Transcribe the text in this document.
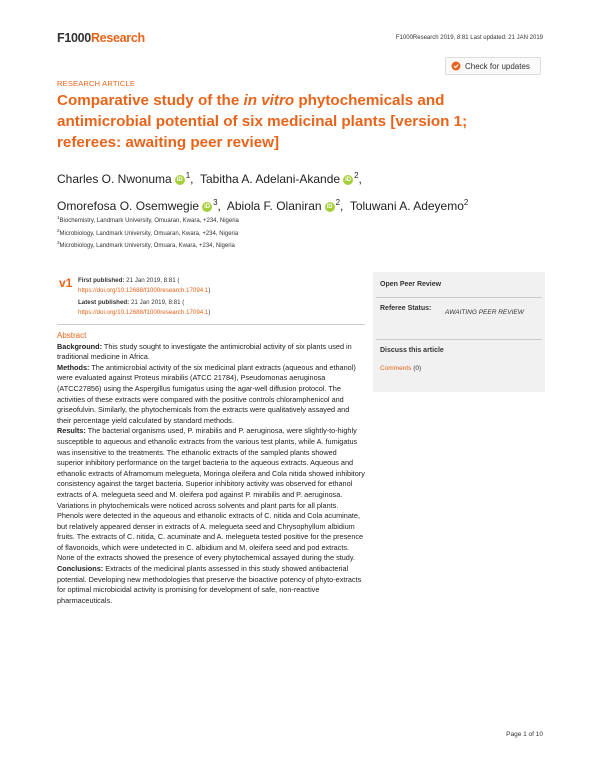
F1000Research	F1000Research 2019, 8:81 Last updated: 21 JAN 2019
Check for updates
RESEARCH ARTICLE
Comparative study of the in vitro phytochemicals and antimicrobial potential of six medicinal plants [version 1; referees: awaiting peer review]
Charles O. Nwonuma iD $^1$,  Tabitha A. Adelani-Akande iD $^2$,
Omorefosa O. Osemwegie iD $^3$,  Abiola F. Olaniran iD $^2$,  Toluwani A. Adeyemo$^2$
$^1$Biochemistry, Landmark University, Omuaran, Kwara, +234, Nigeria
$^2$Microbiology, Landmark University, Omuaran, Kwara, +234, Nigeria
$^3$Microbiology, Landmark University, Omuara, Kwara, +234, Nigeria
v1 First published: 21 Jan 2019, 8:81 (
https://doi.org/10.12688/f1000research.17094.1)
Latest published: 21 Jan 2019, 8:81 (
https://doi.org/10.12688/f1000research.17094.1)
Abstract

Background: This study sought to investigate the antimicrobial activity of six plants used in traditional medicine in Africa.

Methods: The antimicrobial activity of the six medicinal plant extracts (aqueous and ethanol) were evaluated against Proteus mirabilis (ATCC 21784), Pseudomonas aeruginosa (ATCC27856) using the Aspergillus fumigatus using the agar-well diffusion protocol. The activities of these extracts were compared with the positive controls chloramphenicol and griseofulvin. Similarly, the phytochemicals from the extracts were qualitatively assayed and their percentage yield calculated by standard methods.

Results: The bacterial organisms used, P. mirabilis and P. aeruginosa, were slightly-to-highly susceptible to aqueous and ethanolic extracts from the various test plants, while A. fumigatus was insensitive to the treatments. The ethanolic extracts of the sampled plants showed superior inhibitory performance on the target bacteria to the aqueous extracts. Aqueous and ethanolic extracts of Aframomum melegueta, Moringa oleifera and Cola nitida showed inhibitory consistency against the target bacteria. Superior inhibitory activity was observed for ethanol extracts of A. melegueta seed and M. oleifera pod against P. mirabilis and P. aeruginosa. Variations in phytochemicals were noticed across solvents and plant parts for all plants. Phenols were detected in the aqueous and ethanolic extracts of C. nitida and Cola acuminate, but relatively appeared denser in extracts of A. melegueta seed and Chrysophyllum albidium fruits. The extracts of C. nitida, C. acuminate and A. melegueta tested positive for the presence of flavonoids, which were undetected in C. albidium and M. oleifera seed and pod extracts. None of the extracts showed the presence of every phytochemical assayed during the study.

Conclusions: Extracts of the medicinal plants assessed in this study showed antibacterial potential. Developing new methodologies that preserve the bioactive potency of phyto-extracts for optimal microbicidal activity is promising for development of safe, non-reactive pharmaceuticals.

Open Peer Review
Referee Status:
AWAITING PEER REVIEW
Discuss this article
Comments (0)
Page 1 of 10
